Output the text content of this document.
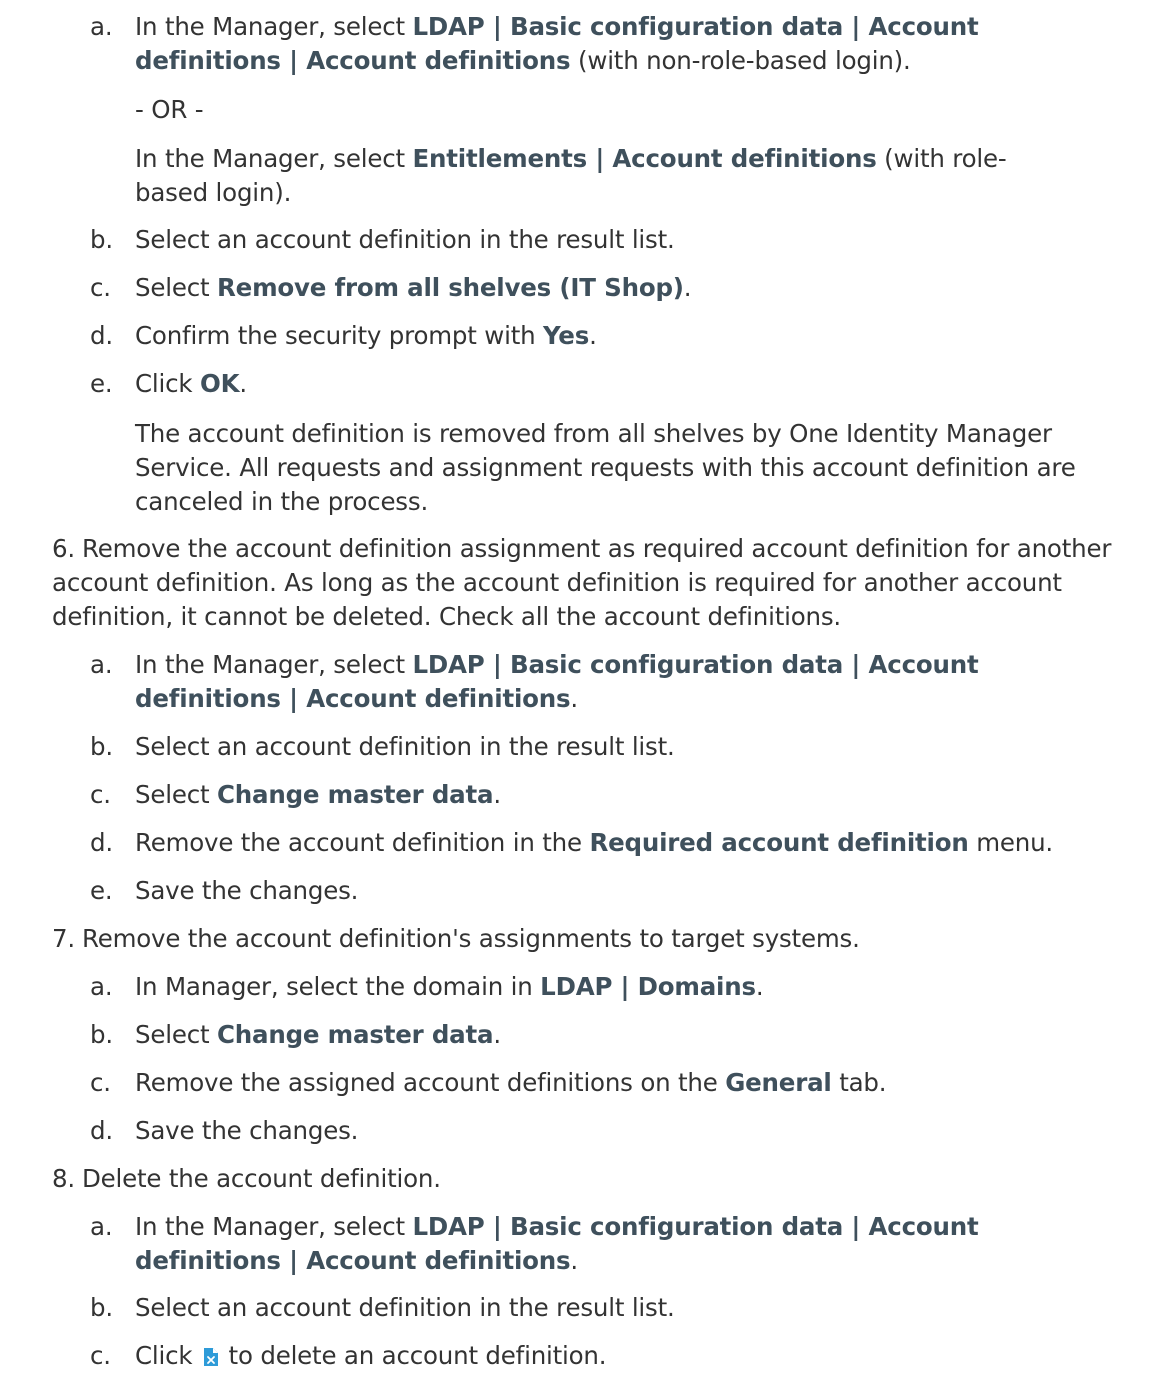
a. In the Manager, select LDAP | Basic configuration data | Account
definitions | Account definitions (with non-role-based login).
- OR -
In the Manager, select Entitlements | Account definitions (with role-
based login).
b. Select an account definition in the result list.
c. Select Remove from all shelves (IT Shop).
d. Confirm the security prompt with Yes.
e. Click OK.
The account definition is removed from all shelves by One Identity Manager
Service. All requests and assignment requests with this account definition are
canceled in the process.
6. Remove the account definition assignment as required account definition for another
account definition. As long as the account definition is required for another account
definition, it cannot be deleted. Check all the account definitions.
a. In the Manager, select LDAP | Basic configuration data | Account
definitions | Account definitions.
b. Select an account definition in the result list.
c. Select Change master data.
d. Remove the account definition in the Required account definition menu.
e. Save the changes.
7. Remove the account definition's assignments to target systems.
a. In Manager, select the domain in LDAP | Domains.
b. Select Change master data.
c. Remove the assigned account definitions on the General tab.
d. Save the changes.
8. Delete the account definition.
a. In the Manager, select LDAP | Basic configuration data | Account
definitions | Account definitions.
b. Select an account definition in the result list.
c. Click  to delete an account definition.
